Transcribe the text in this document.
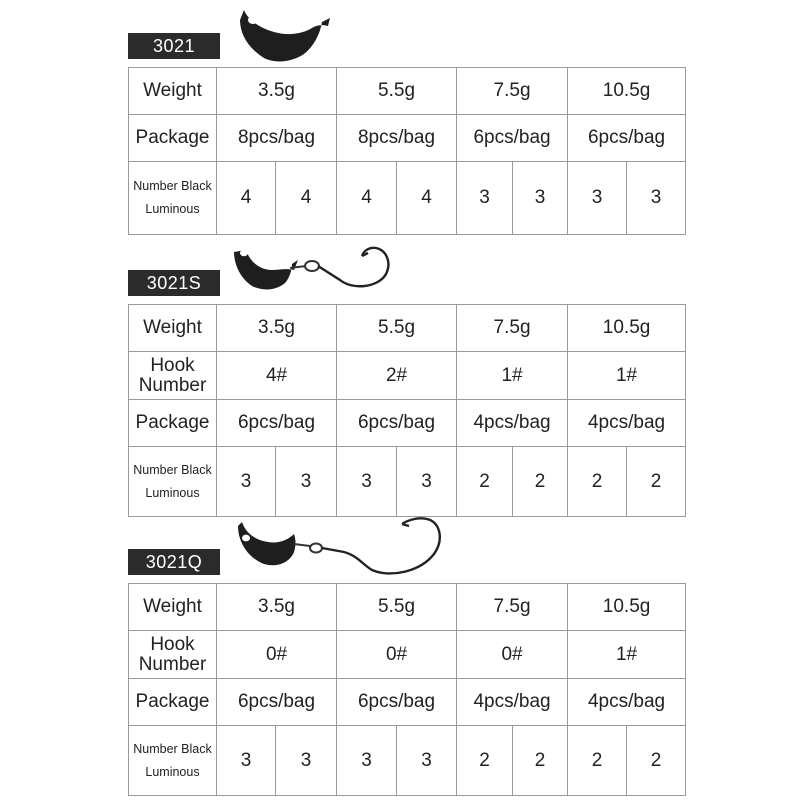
3021
Weight	3.5g		5.5g		7.5g		10.5g	
Package	8pcs/bag		8pcs/bag		6pcs/bag		6pcs/bag	
Number Black
Luminous	4	4	4	4	3	3	3	3
3021S
Weight	3.5g		5.5g		7.5g		10.5g	
Hook
Number	4#		2#		1#		1#	
Package	6pcs/bag		6pcs/bag		4pcs/bag		4pcs/bag	
Number Black
Luminous	3	3	3	3	2	2	2	2
3021Q
Weight	3.5g		5.5g		7.5g		10.5g	
Hook
Number	0#		0#		0#		1#	
Package	6pcs/bag		6pcs/bag		4pcs/bag		4pcs/bag	
Number Black
Luminous	3	3	3	3	2	2	2	2
